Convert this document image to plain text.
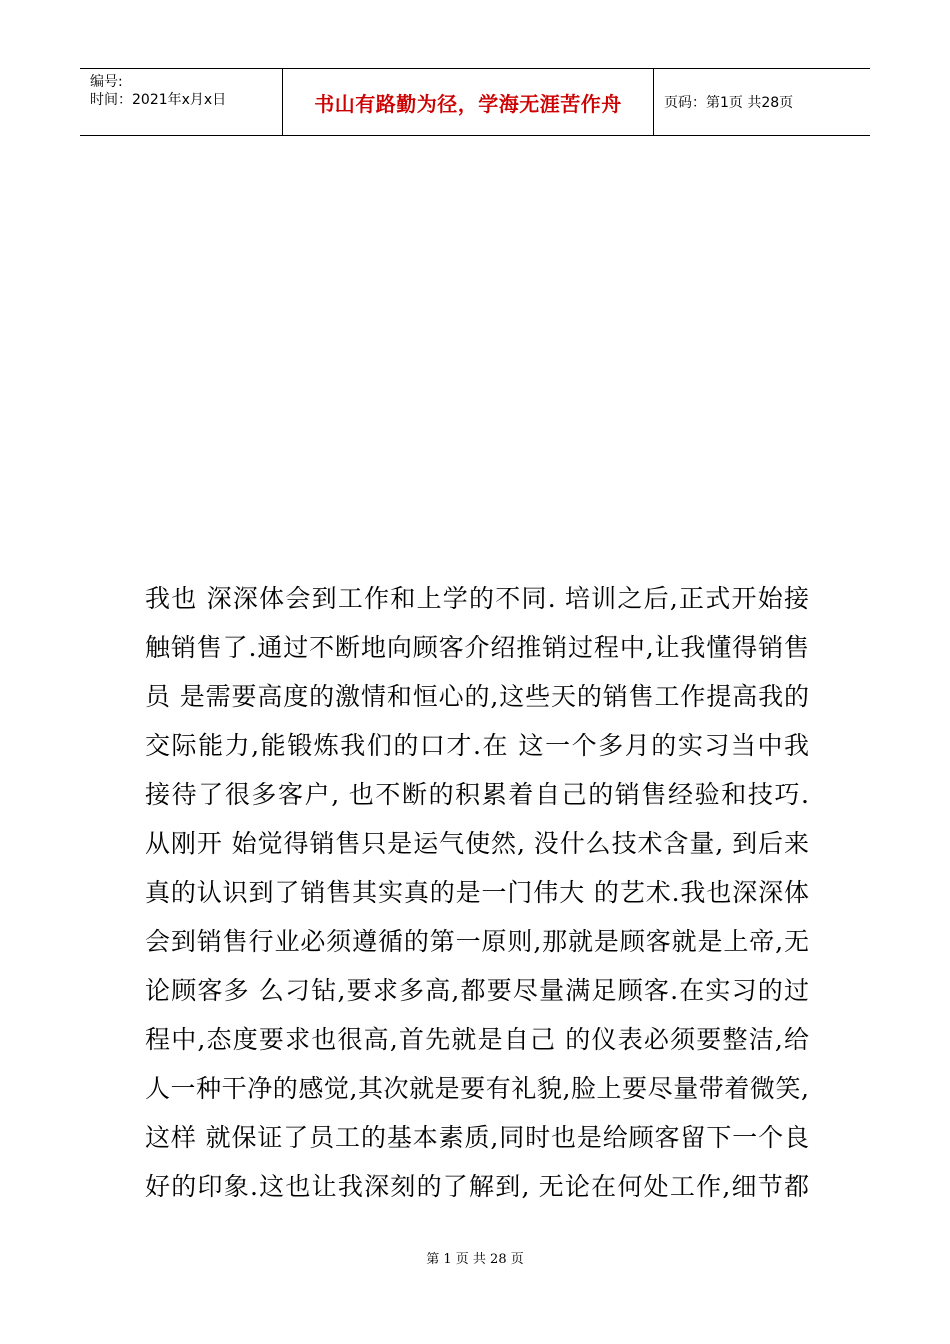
编号:
时间：2021年x月x日	书山有路勤为径，学海无涯苦作舟	页码：第1页 共28页
我也 深深体会到工作和上学的不同. 培训之后,正式开始接
触销售了.通过不断地向顾客介绍推销过程中,让我懂得销售
员 是需要高度的激情和恒心的,这些天的销售工作提高我的
交际能力,能锻炼我们的口才.在 这一个多月的实习当中我
接待了很多客户, 也不断的积累着自己的销售经验和技巧.
从刚开 始觉得销售只是运气使然, 没什么技术含量, 到后来
真的认识到了销售其实真的是一门伟大 的艺术.我也深深体
会到销售行业必须遵循的第一原则,那就是顾客就是上帝,无
论顾客多 么刁钻,要求多高,都要尽量满足顾客.在实习的过
程中,态度要求也很高,首先就是自己 的仪表必须要整洁,给
人一种干净的感觉,其次就是要有礼貌,脸上要尽量带着微笑,
这样 就保证了员工的基本素质,同时也是给顾客留下一个良
好的印象.这也让我深刻的了解到, 无论在何处工作,细节都
第 1 页 共 28 页
